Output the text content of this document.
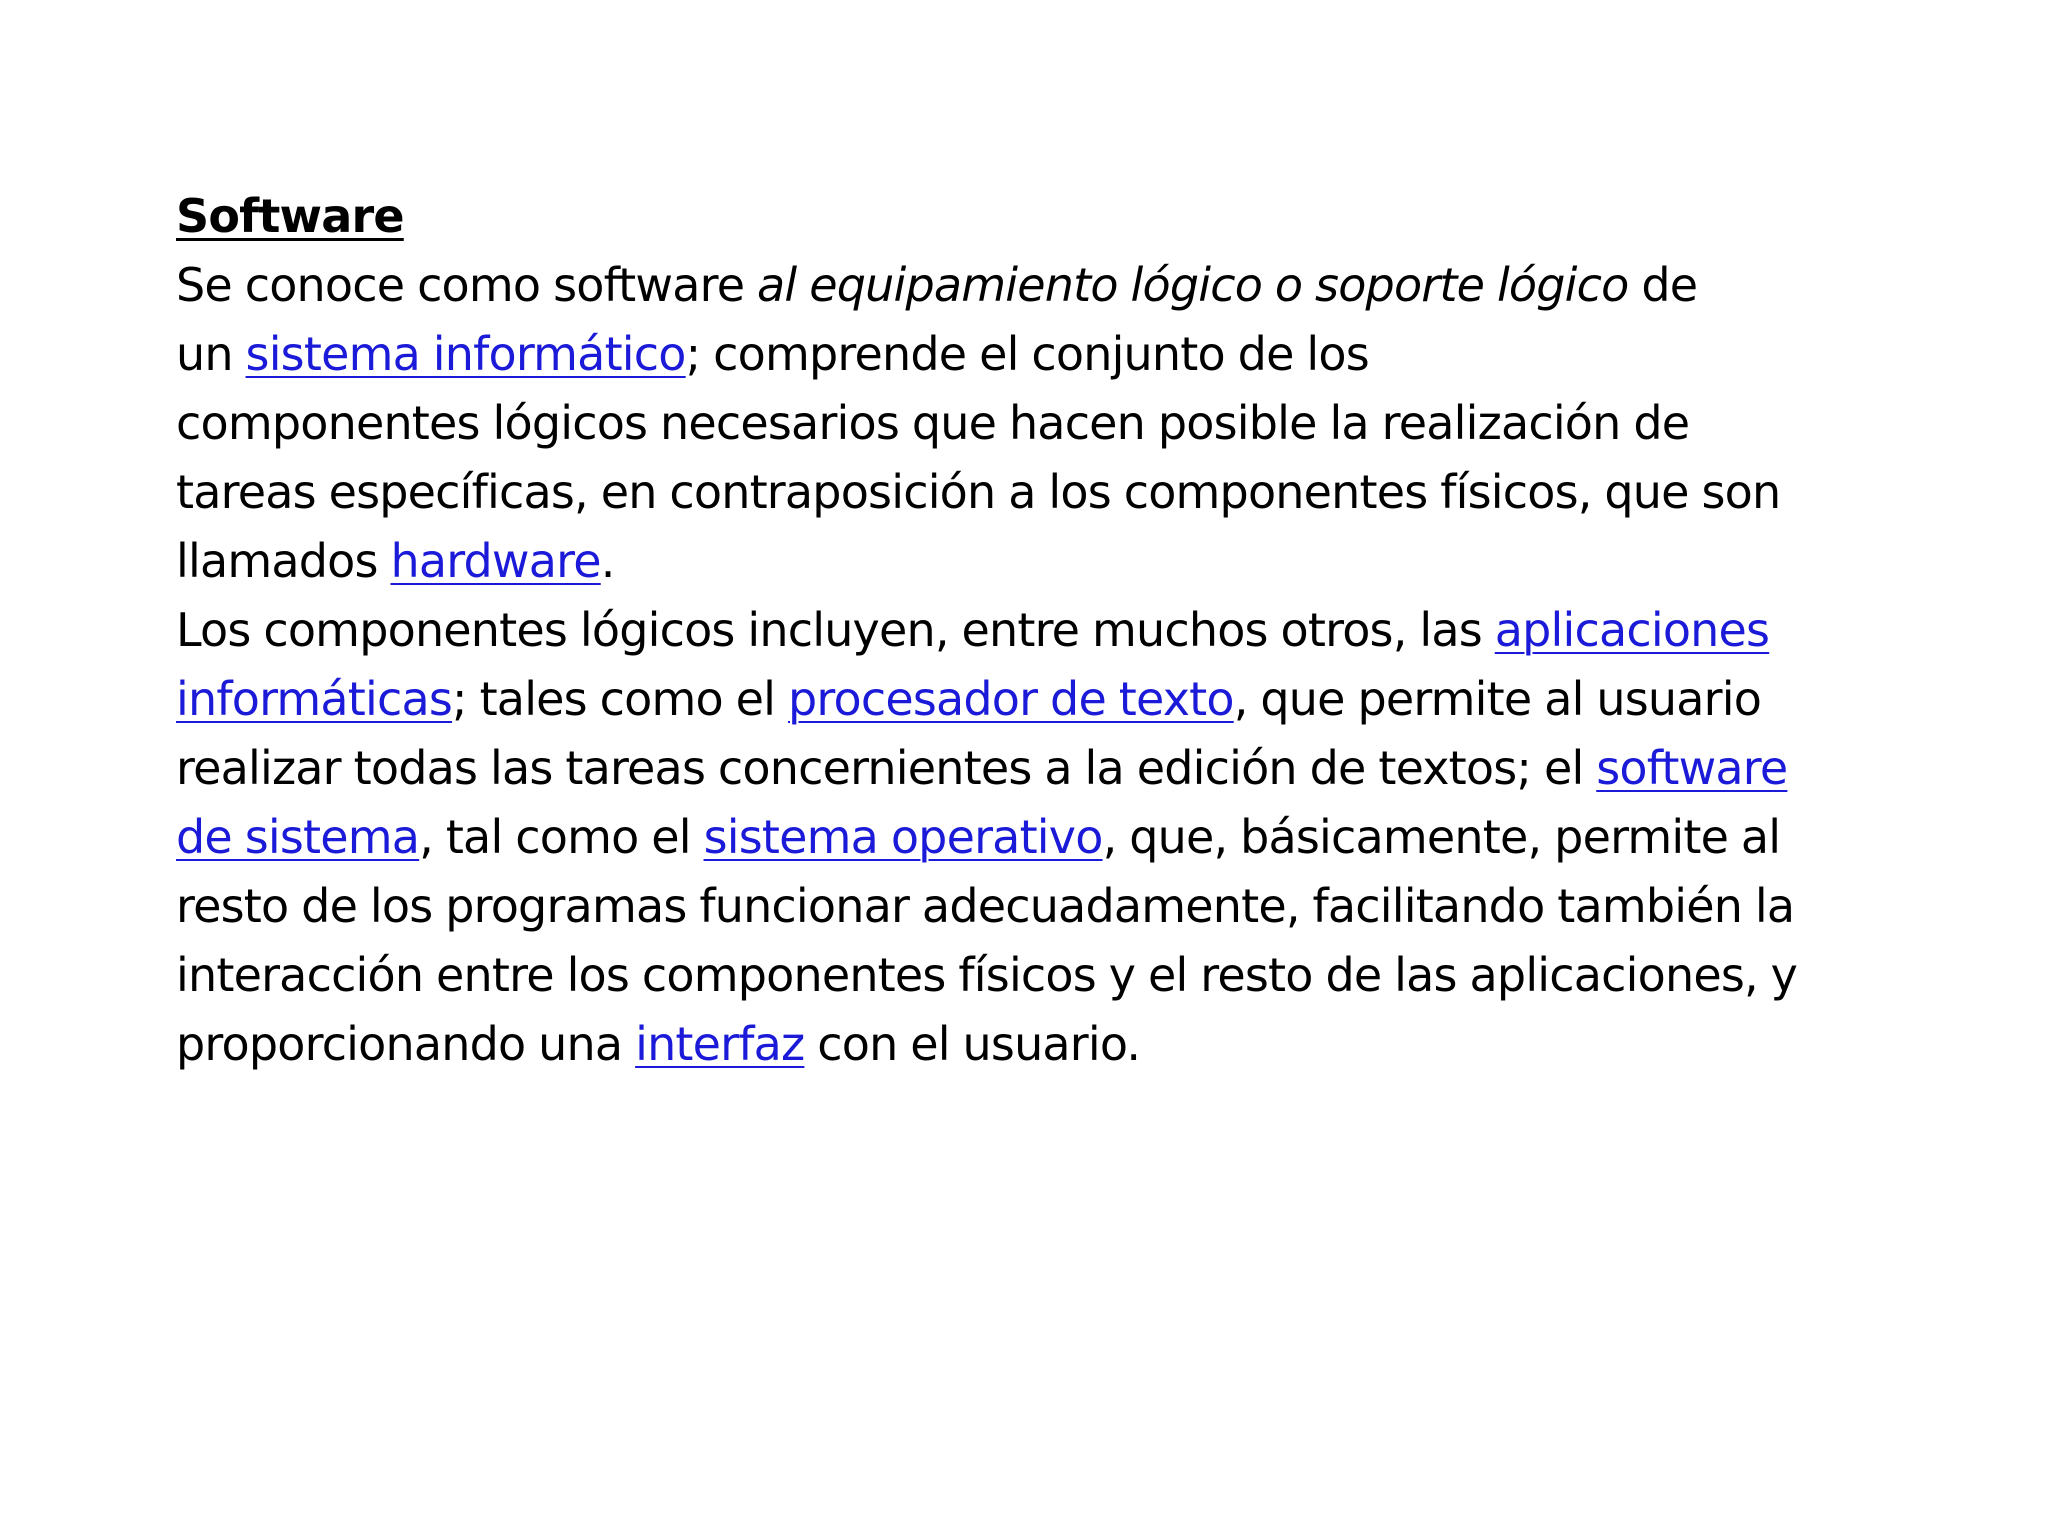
Software
Se conoce como software al equipamiento lógico o soporte lógico de
un sistema informático; comprende el conjunto de los
componentes lógicos necesarios que hacen posible la realización de
tareas específicas, en contraposición a los componentes físicos, que son
llamados hardware.
Los componentes lógicos incluyen, entre muchos otros, las aplicaciones
informáticas; tales como el procesador de texto, que permite al usuario
realizar todas las tareas concernientes a la edición de textos; el software
de sistema, tal como el sistema operativo, que, básicamente, permite al
resto de los programas funcionar adecuadamente, facilitando también la
interacción entre los componentes físicos y el resto de las aplicaciones, y
proporcionando una interfaz con el usuario.
